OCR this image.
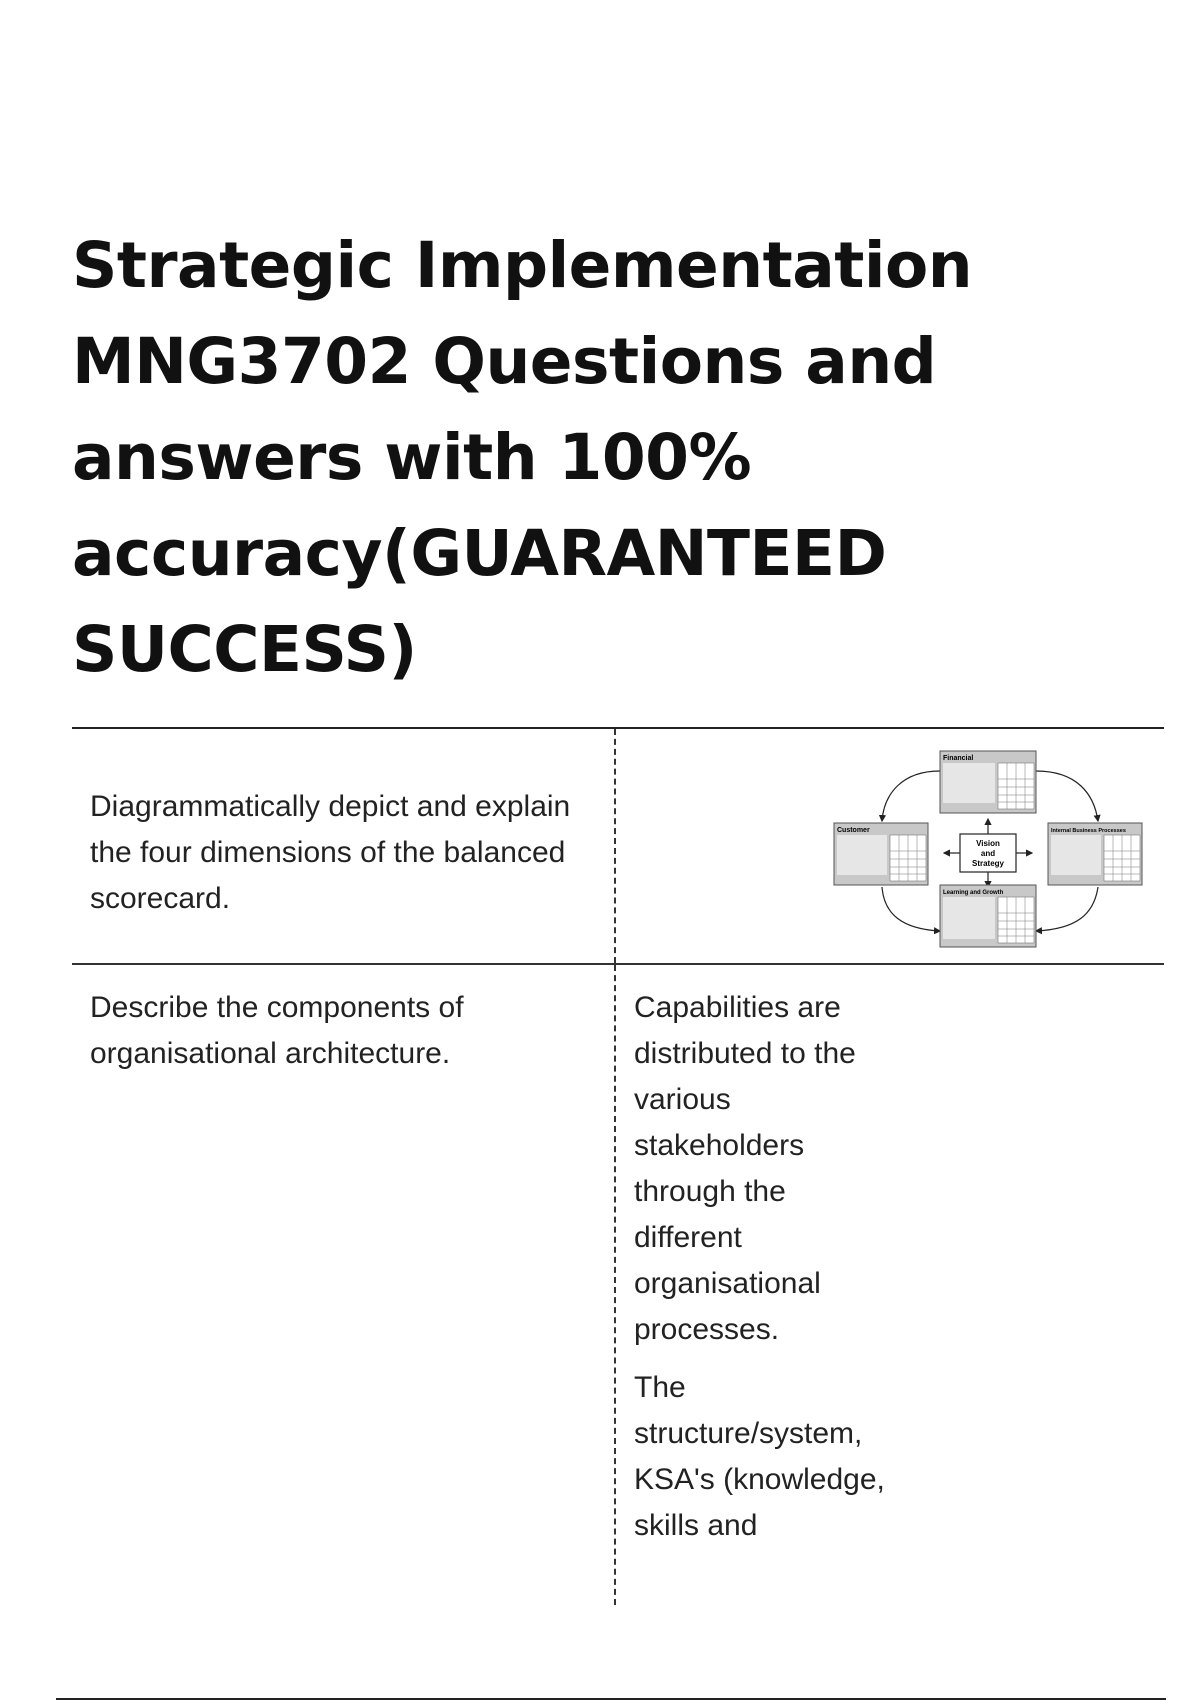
Strategic Implementation
MNG3702 Questions and
answers with 100%
accuracy(GUARANTEED
SUCCESS)
Diagrammatically depict and explain the four dimensions of the balanced scorecard.
Vision
and
Strategy
Financial
Customer	Internal Business Processes
Learning and Growth
Describe the components of organisational architecture.

Capabilities are distributed to the various stakeholders through the different organisational processes.

The structure/system, KSA's (knowledge, skills and
